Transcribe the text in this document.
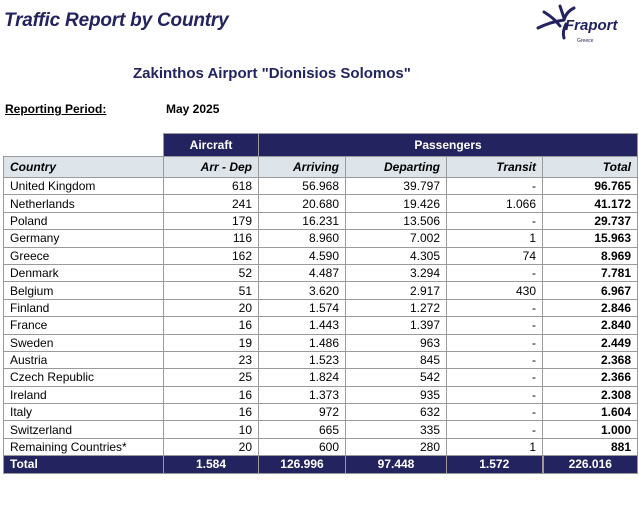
Traffic Report by Country	Fraport
Greece
Zakinthos Airport "Dionisios Solomos"
Reporting Period:	May 2025
	Aircraft	Passengers			
Country	Arr - Dep	Arriving	Departing	Transit	Total
United Kingdom	618	56.968	39.797	-	96.765
Netherlands	241	20.680	19.426	1.066	41.172
Poland	179	16.231	13.506	-	29.737
Germany	116	8.960	7.002	1	15.963
Greece	162	4.590	4.305	74	8.969
Denmark	52	4.487	3.294	-	7.781
Belgium	51	3.620	2.917	430	6.967
Finland	20	1.574	1.272	-	2.846
France	16	1.443	1.397	-	2.840
Sweden	19	1.486	963	-	2.449
Austria	23	1.523	845	-	2.368
Czech Republic	25	1.824	542	-	2.366
Ireland	16	1.373	935	-	2.308
Italy	16	972	632	-	1.604
Switzerland	10	665	335	-	1.000
Remaining Countries*	20	600	280	1	881
Total	1.584	126.996	97.448	1.572	226.016
